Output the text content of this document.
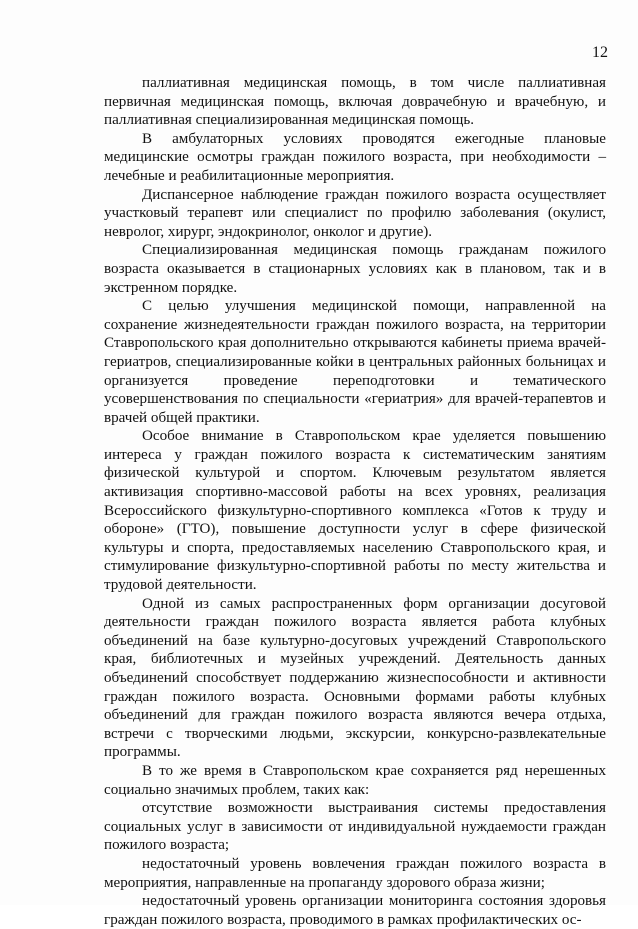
12

паллиативная медицинская помощь, в том числе паллиативная первичная медицинская помощь, включая доврачебную и врачебную, и паллиативная специализированная медицинская помощь.

В амбулаторных условиях проводятся ежегодные плановые медицинские осмотры граждан пожилого возраста, при необходимости – лечебные и реабилитационные мероприятия.

Диспансерное наблюдение граждан пожилого возраста осуществляет участковый терапевт или специалист по профилю заболевания (окулист, невролог, хирург, эндокринолог, онколог и другие).

Специализированная медицинская помощь гражданам пожилого возраста оказывается в стационарных условиях как в плановом, так и в экстренном порядке.

С целью улучшения медицинской помощи, направленной на сохранение жизнедеятельности граждан пожилого возраста, на территории Ставропольского края дополнительно открываются кабинеты приема врачей-гериатров, специализированные койки в центральных районных больницах и организуется проведение переподготовки и тематического усовершенствования по специальности «гериатрия» для врачей-терапевтов и врачей общей практики.

Особое внимание в Ставропольском крае уделяется повышению интереса у граждан пожилого возраста к систематическим занятиям физической культурой и спортом. Ключевым результатом является активизация спортивно-массовой работы на всех уровнях, реализация Всероссийского физкультурно-спортивного комплекса «Готов к труду и обороне» (ГТО), повышение доступности услуг в сфере физической культуры и спорта, предоставляемых населению Ставропольского края, и стимулирование физкультурно-спортивной работы по месту жительства и трудовой деятельности.

Одной из самых распространенных форм организации досуговой деятельности граждан пожилого возраста является работа клубных объединений на базе культурно-досуговых учреждений Ставропольского края, библиотечных и музейных учреждений. Деятельность данных объединений способствует поддержанию жизнеспособности и активности граждан пожилого возраста. Основными формами работы клубных объединений для граждан пожилого возраста являются вечера отдыха, встречи с творческими людьми, экскурсии, конкурсно-развлекательные программы.

В то же время в Ставропольском крае сохраняется ряд нерешенных социально значимых проблем, таких как:

отсутствие возможности выстраивания системы предоставления социальных услуг в зависимости от индивидуальной нуждаемости граждан пожилого возраста;

недостаточный уровень вовлечения граждан пожилого возраста в мероприятия, направленные на пропаганду здорового образа жизни;

недостаточный уровень организации мониторинга состояния здоровья граждан пожилого возраста, проводимого в рамках профилактических ос-
